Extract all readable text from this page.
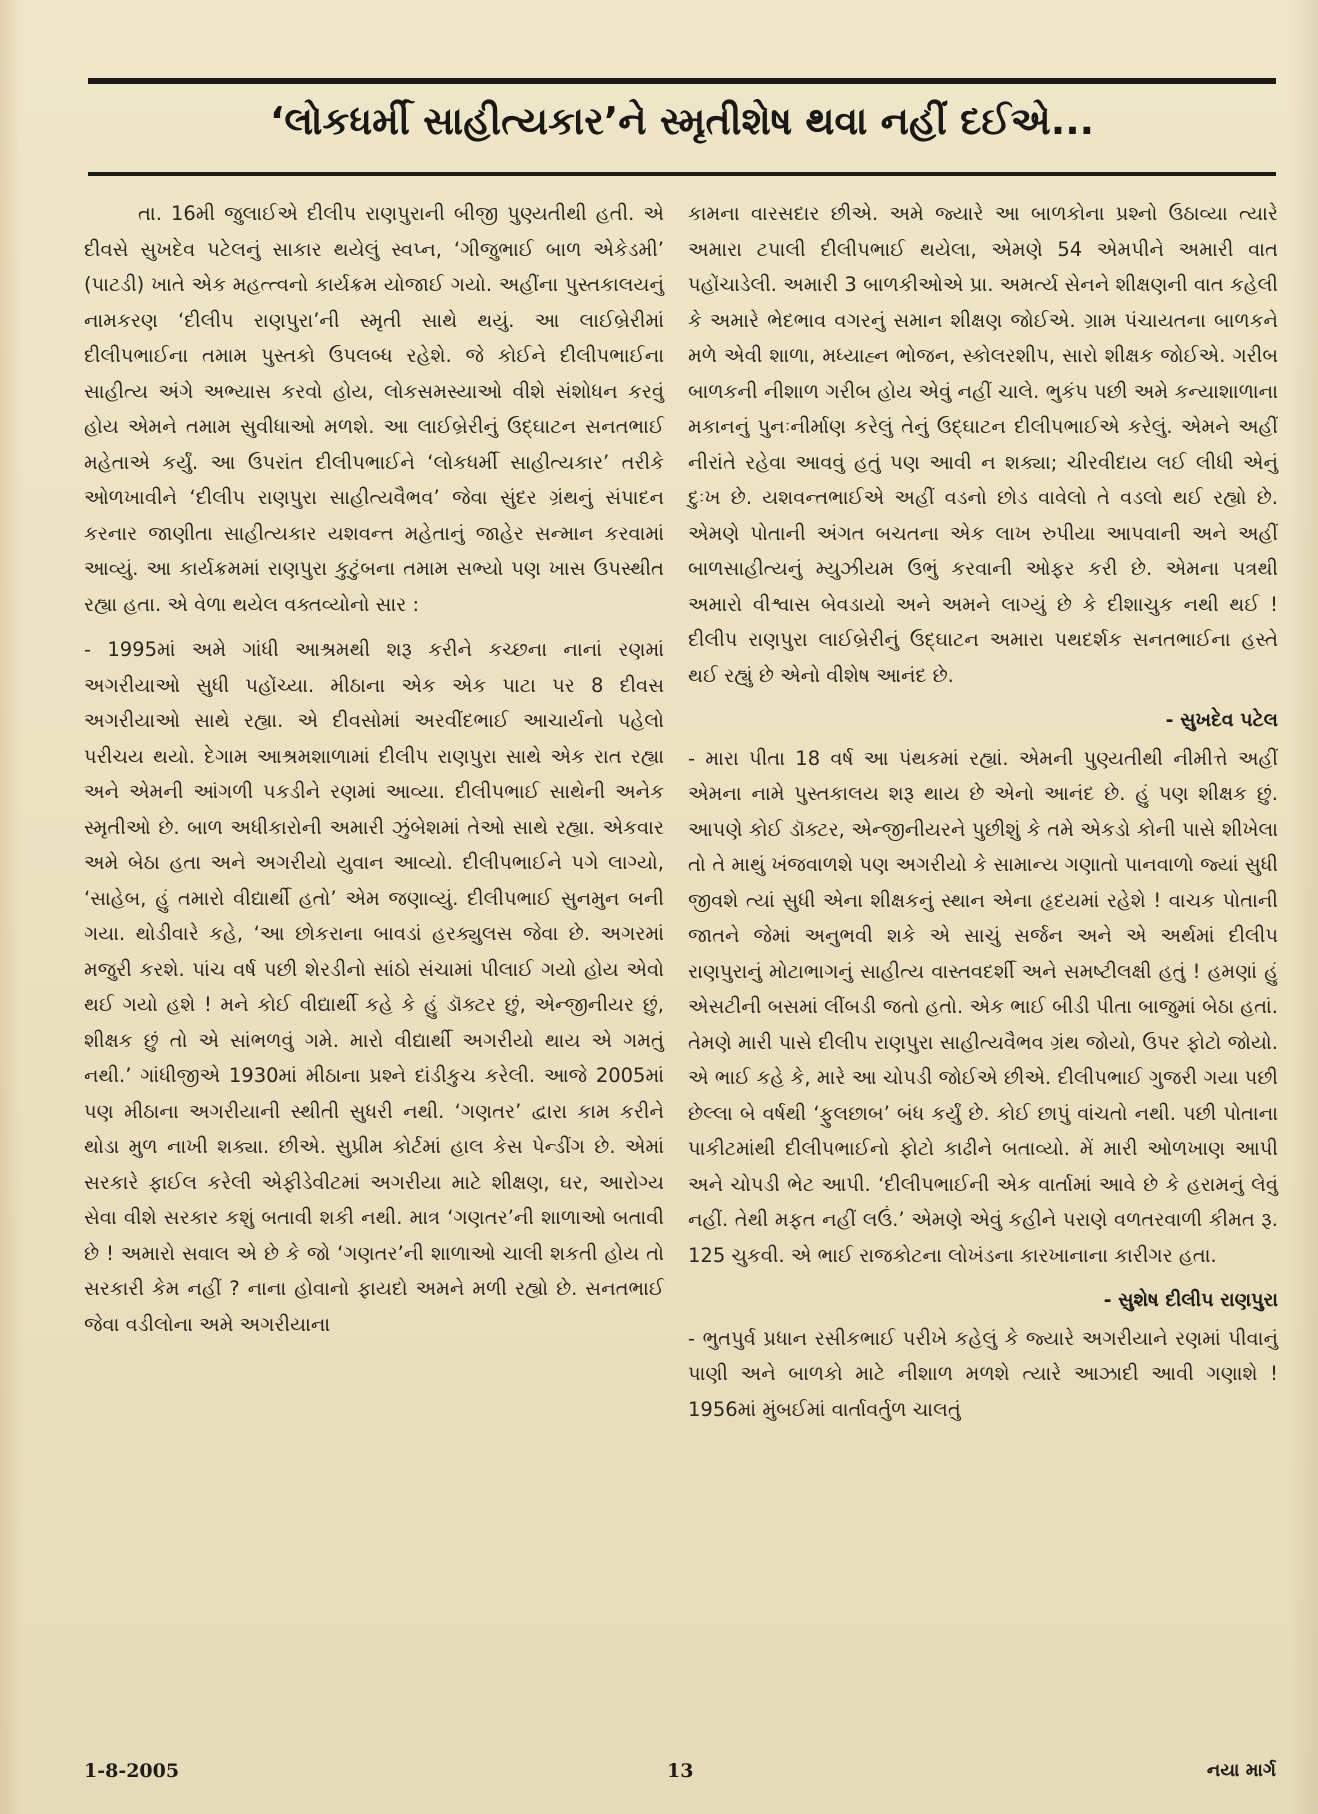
‘લોકધર્મી સાહીત્યકાર’ને સ્મૃતીશેષ થવા નહીં દઈએ...

તા. 16મી જુલાઈએ દીલીપ રાણપુરાની બીજી પુણ્યતીથી હતી. એ દીવસે સુખદેવ પટેલનું સાકાર થયેલું સ્વપ્ન, ‘ગીજુભાઈ બાળ એકેડમી’ (પાટડી) ખાતે એક મહત્ત્વનો કાર્યક્રમ યોજાઈ ગયો. અહીંના પુસ્તકાલયનું નામકરણ ‘દીલીપ રાણપુરા’ની સ્મૃતી સાથે થયું. આ લાઈબ્રેરીમાં દીલીપભાઈના તમામ પુસ્તકો ઉપલબ્ધ રહેશે. જે કોઈને દીલીપભાઈના સાહીત્ય અંગે અભ્યાસ કરવો હોય, લોકસમસ્યાઓ વીશે સંશોધન કરવું હોય એમને તમામ સુવીધાઓ મળશે. આ લાઈબ્રેરીનું ઉદ્ઘાટન સનતભાઈ મહેતાએ કર્યું. આ ઉપરાંત દીલીપભાઈને ‘લોકધર્મી સાહીત્યકાર’ તરીકે ઓળખાવીને ‘દીલીપ રાણપુરા સાહીત્યવૈભવ’ જેવા સુંદર ગ્રંથનું સંપાદન કરનાર જાણીતા સાહીત્યકાર યશવન્ત મહેતાનું જાહેર સન્માન કરવામાં આવ્યું. આ કાર્યક્રમમાં રાણપુરા કુટુંબના તમામ સભ્યો પણ ખાસ ઉપસ્થીત રહ્યા હતા. એ વેળા થયેલ વક્તવ્યોનો સાર :

- 1995માં અમે ગાંધી આશ્રમથી શરૂ કરીને કચ્છના નાનાં રણમાં અગરીયાઓ સુધી પહોંચ્યા. મીઠાના એક એક પાટા પર 8 દીવસ અગરીયાઓ સાથે રહ્યા. એ દીવસોમાં અરવીંદભાઈ આચાર્યનો પહેલો પરીચય થયો. દેગામ આશ્રમશાળામાં દીલીપ રાણપુરા સાથે એક રાત રહ્યા અને એમની આંગળી પકડીને રણમાં આવ્યા. દીલીપભાઈ સાથેની અનેક સ્મૃતીઓ છે. બાળ અધીકારોની અમારી ઝુંબેશમાં તેઓ સાથે રહ્યા. એકવાર અમે બેઠા હતા અને અગરીયો યુવાન આવ્યો. દીલીપભાઈને પગે લાગ્યો, ‘સાહેબ, હું તમારો વીદ્યાર્થી હતો’ એમ જણાવ્યું. દીલીપભાઈ સુનમુન બની ગયા. થોડીવારે કહે, ‘આ છોકરાના બાવડાં હરક્યુલસ જેવા છે. અગરમાં મજુરી કરશે. પાંચ વર્ષ પછી શેરડીનો સાંઠો સંચામાં પીલાઈ ગયો હોય એવો થઈ ગયો હશે ! મને કોઈ વીદ્યાર્થી કહે કે હું ડૉક્ટર છું, એન્જીનીયર છું, શીક્ષક છું તો એ સાંભળવું ગમે. મારો વીદ્યાર્થી અગરીયો થાય એ ગમતું નથી.’ ગાંધીજીએ 1930માં મીઠાના પ્રશ્ને દાંડીકુચ કરેલી. આજે 2005માં પણ મીઠાના અગરીયાની સ્થીતી સુધરી નથી. ‘ગણતર’ દ્વારા કામ કરીને થોડા મુળ નાખી શક્યા. છીએ. સુપ્રીમ કોર્ટમાં હાલ કેસ પેન્ડીંગ છે. એમાં સરકારે ફાઈલ કરેલી એફીડેવીટમાં અગરીયા માટે શીક્ષણ, ઘર, આરોગ્ય સેવા વીશે સરકાર કશું બતાવી શકી નથી. માત્ર ‘ગણતર’ની શાળાઓ બતાવી છે ! અમારો સવાલ એ છે કે જો ‘ગણતર’ની શાળાઓ ચાલી શકતી હોય તો સરકારી કેમ નહીં ? નાના હોવાનો ફાયદો અમને મળી રહ્યો છે. સનતભાઈ જેવા વડીલોના અમે અગરીયાના

કામના વારસદાર છીએ. અમે જ્યારે આ બાળકોના પ્રશ્નો ઉઠાવ્યા ત્યારે અમારા ટપાલી દીલીપભાઈ થયેલા, એમણે 54 એમપીને અમારી વાત પહોંચાડેલી. અમારી 3 બાળકીઓએ પ્રા. અમર્ત્ય સેનને શીક્ષણની વાત કહેલી કે અમારે ભેદભાવ વગરનું સમાન શીક્ષણ જોઈએ. ગ્રામ પંચાયતના બાળકને મળે એવી શાળા, મધ્યાહ્ન ભોજન, સ્કોલરશીપ, સારો શીક્ષક જોઈએ. ગરીબ બાળકની નીશાળ ગરીબ હોય એવું નહીં ચાલે. ભુકંપ પછી અમે કન્યાશાળાના મકાનનું પુનઃનીર્માણ કરેલું તેનું ઉદ્ઘાટન દીલીપભાઈએ કરેલું. એમને અહીં નીરાંતે રહેવા આવવું હતું પણ આવી ન શક્યા; ચીરવીદાય લઈ લીધી એનું દુઃખ છે. યશવન્તભાઈએ અહીં વડનો છોડ વાવેલો તે વડલો થઈ રહ્યો છે. એમણે પોતાની અંગત બચતના એક લાખ રુપીયા આપવાની અને અહીં બાળસાહીત્યનું મ્યુઝીયમ ઉભું કરવાની ઓફર કરી છે. એમના પત્રથી અમારો વીશ્વાસ બેવડાયો અને અમને લાગ્યું છે કે દીશાચુક નથી થઈ ! દીલીપ રાણપુરા લાઈબ્રેરીનું ઉદ્ઘાટન અમારા પથદર્શક સનતભાઈના હસ્તે થઈ રહ્યું છે એનો વીશેષ આનંદ છે.

- સુખદેવ પટેલ

- મારા પીતા 18 વર્ષ આ પંથકમાં રહ્યાં. એમની પુણ્યતીથી નીમીત્તે અહીં એમના નામે પુસ્તકાલય શરૂ થાય છે એનો આનંદ છે. હું પણ શીક્ષક છું. આપણે કોઈ ડૉક્ટર, એન્જીનીયરને પુછીશું કે તમે એકડો કોની પાસે શીખેલા તો તે માથું ખંજવાળશે પણ અગરીયો કે સામાન્ય ગણાતો પાનવાળો જ્યાં સુધી જીવશે ત્યાં સુધી એના શીક્ષકનું સ્થાન એના હૃદયમાં રહેશે ! વાચક પોતાની જાતને જેમાં અનુભવી શકે એ સાચું સર્જન અને એ અર્થમાં દીલીપ રાણપુરાનું મોટાભાગનું સાહીત્ય વાસ્તવદર્શી અને સમષ્ટીલક્ષી હતું ! હમણાં હું એસટીની બસમાં લીંબડી જતો હતો. એક ભાઈ બીડી પીતા બાજુમાં બેઠા હતાં. તેમણે મારી પાસે દીલીપ રાણપુરા સાહીત્યવૈભવ ગ્રંથ જોયો, ઉપર ફોટો જોયો. એ ભાઈ કહે કે, મારે આ ચોપડી જોઈએ છીએ. દીલીપભાઈ ગુજરી ગયા પછી છેલ્લા બે વર્ષથી ‘ફુલછાબ’ બંધ કર્યું છે. કોઈ છાપું વાંચતો નથી. પછી પોતાના પાકીટમાંથી દીલીપભાઈનો ફોટો કાઢીને બતાવ્યો. મેં મારી ઓળખાણ આપી અને ચોપડી ભેટ આપી. ‘દીલીપભાઈની એક વાર્તામાં આવે છે કે હરામનું લેવું નહીં. તેથી મફત નહીં લઉં.’ એમણે એવું કહીને પરાણે વળતરવાળી કીમત રૂ. 125 ચુકવી. એ ભાઈ રાજકોટના લોખંડના કારખાનાના કારીગર હતા.

- સુશેષ દીલીપ રાણપુરા

- ભુતપુર્વ પ્રધાન રસીકભાઈ પરીખે કહેલું કે જ્યારે અગરીયાને રણમાં પીવાનું પાણી અને બાળકો માટે નીશાળ મળશે ત્યારે આઝાદી આવી ગણાશે ! 1956માં મુંબઈમાં વાર્તાવર્તુળ ચાલતું

1-8-2005	13	નયા માર્ગ
